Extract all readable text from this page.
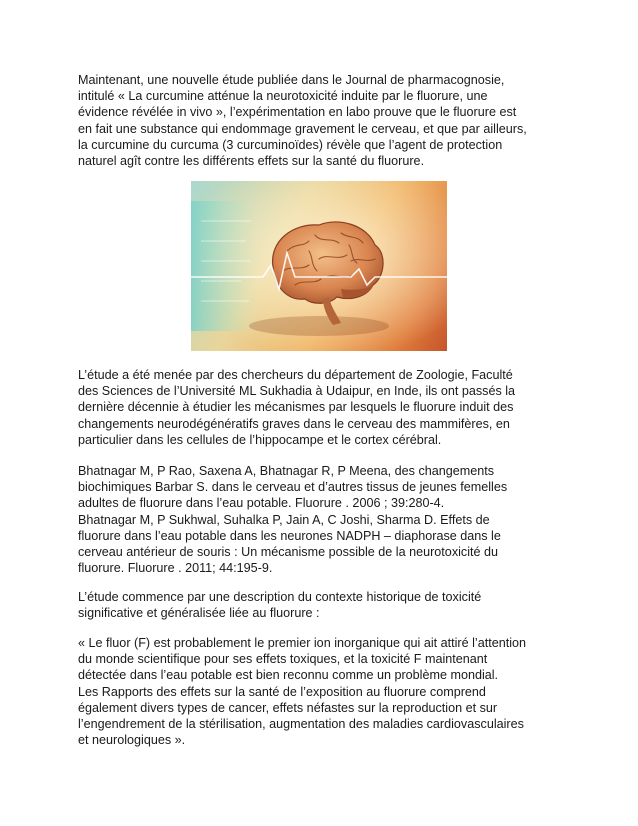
Maintenant, une nouvelle étude publiée dans le Journal de pharmacognosie,
intitulé « La curcumine atténue la neurotoxicité induite par le fluorure, une
évidence révélée in vivo », l’expérimentation en labo prouve que le fluorure est
en fait une substance qui endommage gravement le cerveau, et que par ailleurs,
la curcumine du curcuma (3 curcuminoïdes) révèle que l’agent de protection
naturel agît contre les différents effets sur la santé du fluorure.
L’étude a été menée par des chercheurs du département de Zoologie, Faculté
des Sciences de l’Université ML Sukhadia à Udaipur, en Inde, ils ont passés la
dernière décennie à étudier les mécanismes par lesquels le fluorure induit des
changements neurodégénératifs graves dans le cerveau des mammifères, en
particulier dans les cellules de l’hippocampe et le cortex cérébral.
Bhatnagar M, P Rao, Saxena A, Bhatnagar R, P Meena, des changements
biochimiques Barbar S. dans le cerveau et d’autres tissus de jeunes femelles
adultes de fluorure dans l’eau potable. Fluorure . 2006 ; 39:280-4.
Bhatnagar M, P Sukhwal, Suhalka P, Jain A, C Joshi, Sharma D. Effets de
fluorure dans l’eau potable dans les neurones NADPH – diaphorase dans le
cerveau antérieur de souris : Un mécanisme possible de la neurotoxicité du
fluorure. Fluorure . 2011; 44:195-9.
L’étude commence par une description du contexte historique de toxicité
significative et généralisée liée au fluorure :
« Le fluor (F) est probablement le premier ion inorganique qui ait attiré l’attention
du monde scientifique pour ses effets toxiques, et la toxicité F maintenant
détectée dans l’eau potable est bien reconnu comme un problème mondial.
Les Rapports des effets sur la santé de l’exposition au fluorure comprend
également divers types de cancer, effets néfastes sur la reproduction et sur
l’engendrement de la stérilisation, augmentation des maladies cardiovasculaires
et neurologiques ».
